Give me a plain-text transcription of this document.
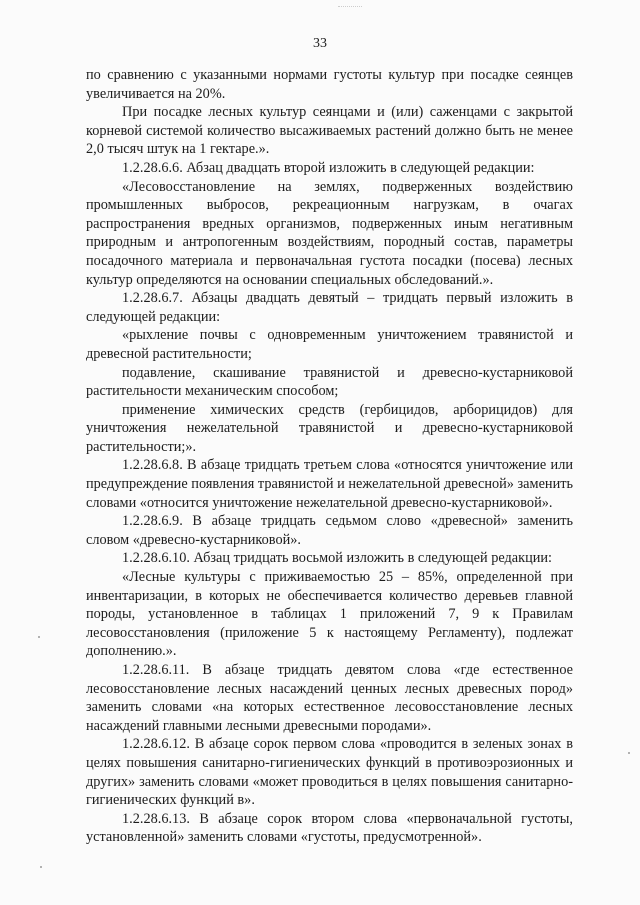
33

по сравнению с указанными нормами густоты культур при посадке сеянцев увеличивается на 20%.

При посадке лесных культур сеянцами и (или) саженцами с закрытой корневой системой количество высаживаемых растений должно быть не менее 2,0 тысяч штук на 1 гектаре.».

1.2.28.6.6. Абзац двадцать второй изложить в следующей редакции:

«Лесовосстановление на землях, подверженных воздействию промышленных выбросов, рекреационным нагрузкам, в очагах распространения вредных организмов, подверженных иным негативным природным и антропогенным воздействиям, породный состав, параметры посадочного материала и первоначальная густота посадки (посева) лесных культур определяются на основании специальных обследований.».

1.2.28.6.7. Абзацы двадцать девятый – тридцать первый изложить в следующей редакции:

«рыхление почвы с одновременным уничтожением травянистой и древесной растительности;

подавление, скашивание травянистой и древесно-кустарниковой растительности механическим способом;

применение химических средств (гербицидов, арборицидов) для уничтожения нежелательной травянистой и древесно-кустарниковой растительности;».

1.2.28.6.8. В абзаце тридцать третьем слова «относятся уничтожение или предупреждение появления травянистой и нежелательной древесной» заменить словами «относится уничтожение нежелательной древесно-кустарниковой».

1.2.28.6.9. В абзаце тридцать седьмом слово «древесной» заменить словом «древесно-кустарниковой».

1.2.28.6.10. Абзац тридцать восьмой изложить в следующей редакции:

«Лесные культуры с приживаемостью 25 – 85%, определенной при инвентаризации, в которых не обеспечивается количество деревьев главной породы, установленное в таблицах 1 приложений 7, 9 к Правилам лесовосстановления (приложение 5 к настоящему Регламенту), подлежат дополнению.».

1.2.28.6.11. В абзаце тридцать девятом слова «где естественное лесовосстановление лесных насаждений ценных лесных древесных пород» заменить словами «на которых естественное лесовосстановление лесных насаждений главными лесными древесными породами».

1.2.28.6.12. В абзаце сорок первом слова «проводится в зеленых зонах в целях повышения санитарно-гигиенических функций в противоэрозионных и других» заменить словами «может проводиться в целях повышения санитарно-гигиенических функций в».

1.2.28.6.13. В абзаце сорок втором слова «первоначальной густоты, установленной» заменить словами «густоты, предусмотренной».
